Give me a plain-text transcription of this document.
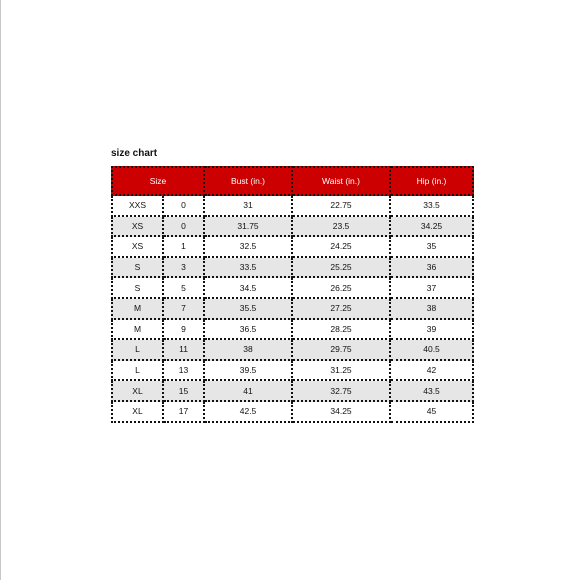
size chart
Size		Bust (in.)	Waist (in.)	Hip (in.)
XXS	0	31	22.75	33.5
XS	0	31.75	23.5	34.25
XS	1	32.5	24.25	35
S	3	33.5	25.25	36
S	5	34.5	26.25	37
M	7	35.5	27.25	38
M	9	36.5	28.25	39
L	11	38	29.75	40.5
L	13	39.5	31.25	42
XL	15	41	32.75	43.5
XL	17	42.5	34.25	45
